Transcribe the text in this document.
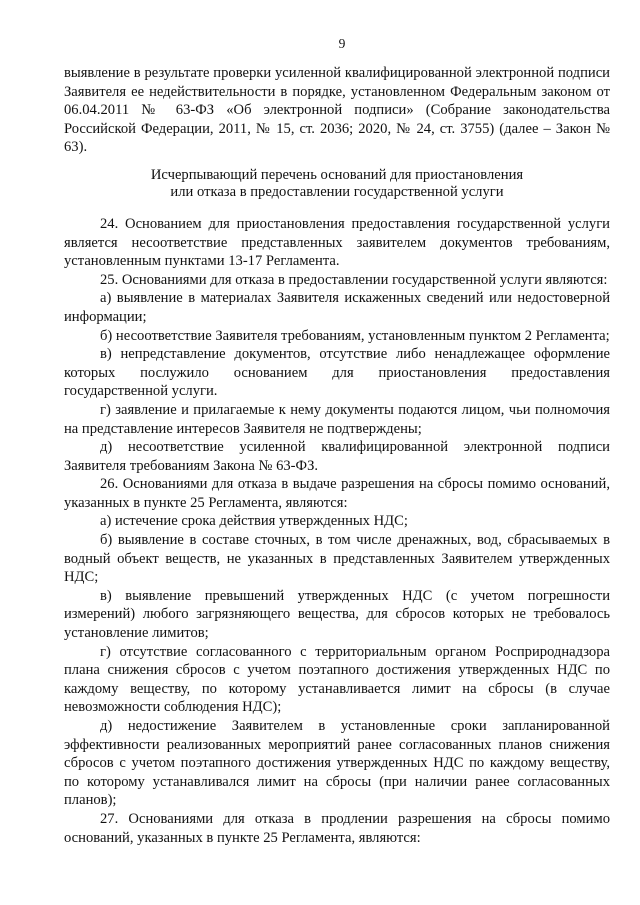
9

выявление в результате проверки усиленной квалифицированной электронной подписи Заявителя ее недействительности в порядке, установленном Федеральным законом от 06.04.2011 № 63-ФЗ «Об электронной подписи» (Собрание законодательства Российской Федерации, 2011, № 15, ст. 2036; 2020, № 24, ст. 3755) (далее – Закон № 63).

Исчерпывающий перечень оснований для приостановления
или отказа в предоставлении государственной услуги

24. Основанием для приостановления предоставления государственной услуги является несоответствие представленных заявителем документов требованиям, установленным пунктами 13-17 Регламента.

25. Основаниями для отказа в предоставлении государственной услуги являются:

а) выявление в материалах Заявителя искаженных сведений или недостоверной информации;

б) несоответствие Заявителя требованиям, установленным пунктом 2 Регламента;

в) непредставление документов, отсутствие либо ненадлежащее оформление которых послужило основанием для приостановления предоставления государственной услуги.

г) заявление и прилагаемые к нему документы подаются лицом, чьи полномочия на представление интересов Заявителя не подтверждены;

д) несоответствие усиленной квалифицированной электронной подписи Заявителя требованиям Закона № 63-ФЗ.

26. Основаниями для отказа в выдаче разрешения на сбросы помимо оснований, указанных в пункте 25 Регламента, являются:

а) истечение срока действия утвержденных НДС;

б) выявление в составе сточных, в том числе дренажных, вод, сбрасываемых в водный объект веществ, не указанных в представленных Заявителем утвержденных НДС;

в) выявление превышений утвержденных НДС (с учетом погрешности измерений) любого загрязняющего вещества, для сбросов которых не требовалось установление лимитов;

г) отсутствие согласованного с территориальным органом Росприроднадзора плана снижения сбросов с учетом поэтапного достижения утвержденных НДС по каждому веществу, по которому устанавливается лимит на сбросы (в случае невозможности соблюдения НДС);

д) недостижение Заявителем в установленные сроки запланированной эффективности реализованных мероприятий ранее согласованных планов снижения сбросов с учетом поэтапного достижения утвержденных НДС по каждому веществу, по которому устанавливался лимит на сбросы (при наличии ранее согласованных планов);

27. Основаниями для отказа в продлении разрешения на сбросы помимо оснований, указанных в пункте 25 Регламента, являются:
